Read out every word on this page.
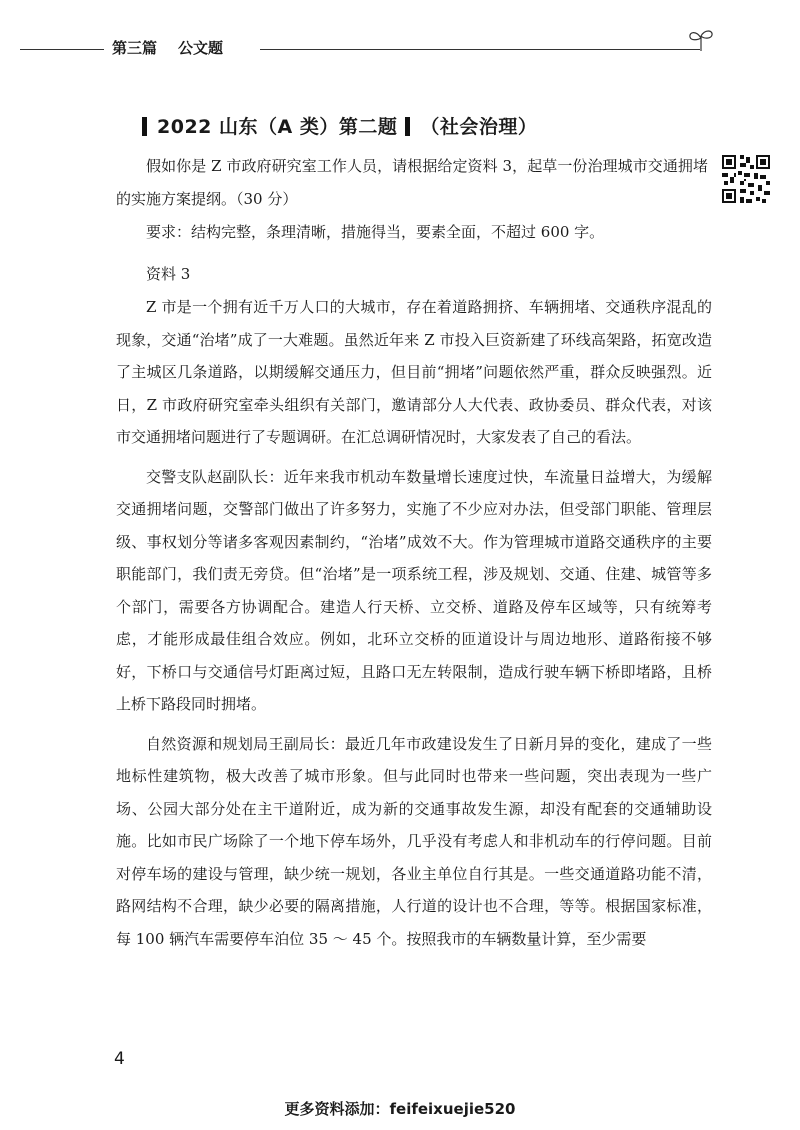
第三篇 公文题
2022 山东（A 类）第二题 （社会治理）

假如你是 Z 市政府研究室工作人员，请根据给定资料 3，起草一份治理城市交通拥堵的实施方案提纲。（30 分）

要求：结构完整，条理清晰，措施得当，要素全面，不超过 600 字。

资料 3

Z 市是一个拥有近千万人口的大城市，存在着道路拥挤、车辆拥堵、交通秩序混乱的现象，交通“治堵”成了一大难题。虽然近年来 Z 市投入巨资新建了环线高架路，拓宽改造了主城区几条道路，以期缓解交通压力，但目前“拥堵”问题依然严重，群众反映强烈。近日，Z 市政府研究室牵头组织有关部门，邀请部分人大代表、政协委员、群众代表，对该市交通拥堵问题进行了专题调研。在汇总调研情况时，大家发表了自己的看法。

交警支队赵副队长：近年来我市机动车数量增长速度过快，车流量日益增大，为缓解交通拥堵问题，交警部门做出了许多努力，实施了不少应对办法，但受部门职能、管理层级、事权划分等诸多客观因素制约，“治堵”成效不大。作为管理城市道路交通秩序的主要职能部门，我们责无旁贷。但“治堵”是一项系统工程，涉及规划、交通、住建、城管等多个部门，需要各方协调配合。建造人行天桥、立交桥、道路及停车区域等，只有统筹考虑，才能形成最佳组合效应。例如，北环立交桥的匝道设计与周边地形、道路衔接不够好，下桥口与交通信号灯距离过短，且路口无左转限制，造成行驶车辆下桥即堵路，且桥上桥下路段同时拥堵。

自然资源和规划局王副局长：最近几年市政建设发生了日新月异的变化，建成了一些地标性建筑物，极大改善了城市形象。但与此同时也带来一些问题，突出表现为一些广场、公园大部分处在主干道附近，成为新的交通事故发生源，却没有配套的交通辅助设施。比如市民广场除了一个地下停车场外，几乎没有考虑人和非机动车的行停问题。目前对停车场的建设与管理，缺少统一规划，各业主单位自行其是。一些交通道路功能不清，路网结构不合理，缺少必要的隔离措施，人行道的设计也不合理，等等。根据国家标准，每 100 辆汽车需要停车泊位 35 ～ 45 个。按照我市的车辆数量计算，至少需要

4
更多资料添加：feifeixuejie520
